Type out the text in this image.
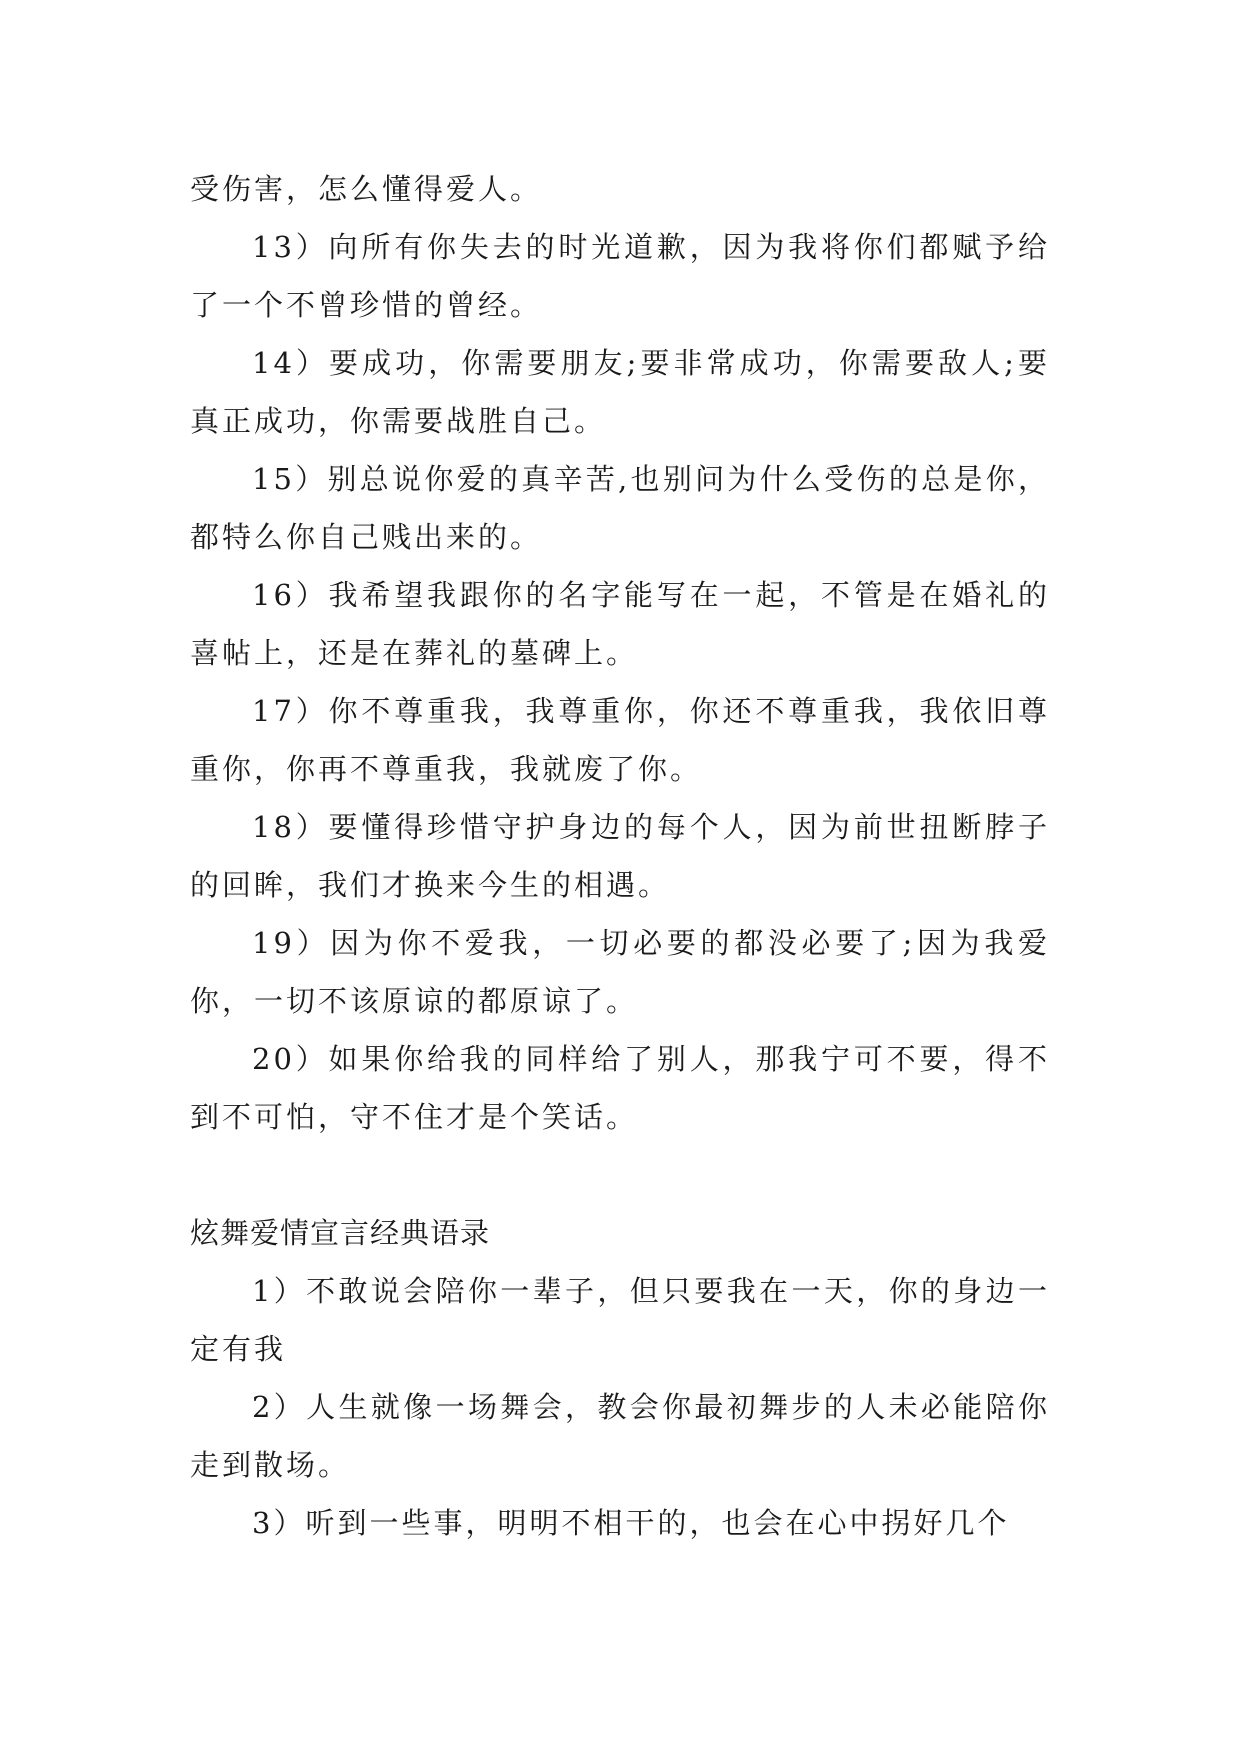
受伤害，怎么懂得爱人。

13）向所有你失去的时光道歉，因为我将你们都赋予给了一个不曾珍惜的曾经。

14）要成功，你需要朋友;要非常成功，你需要敌人;要真正成功，你需要战胜自己。

15）别总说你爱的真辛苦,也别问为什么受伤的总是你，都特么你自己贱出来的。

16）我希望我跟你的名字能写在一起，不管是在婚礼的喜帖上，还是在葬礼的墓碑上。

17）你不尊重我，我尊重你，你还不尊重我，我依旧尊重你，你再不尊重我，我就废了你。

18）要懂得珍惜守护身边的每个人，因为前世扭断脖子的回眸，我们才换来今生的相遇。

19）因为你不爱我，一切必要的都没必要了;因为我爱你，一切不该原谅的都原谅了。

20）如果你给我的同样给了别人，那我宁可不要，得不到不可怕，守不住才是个笑话。

炫舞爱情宣言经典语录

1）不敢说会陪你一辈子，但只要我在一天，你的身边一定有我

2）人生就像一场舞会，教会你最初舞步的人未必能陪你走到散场。

3）听到一些事，明明不相干的，也会在心中拐好几个
